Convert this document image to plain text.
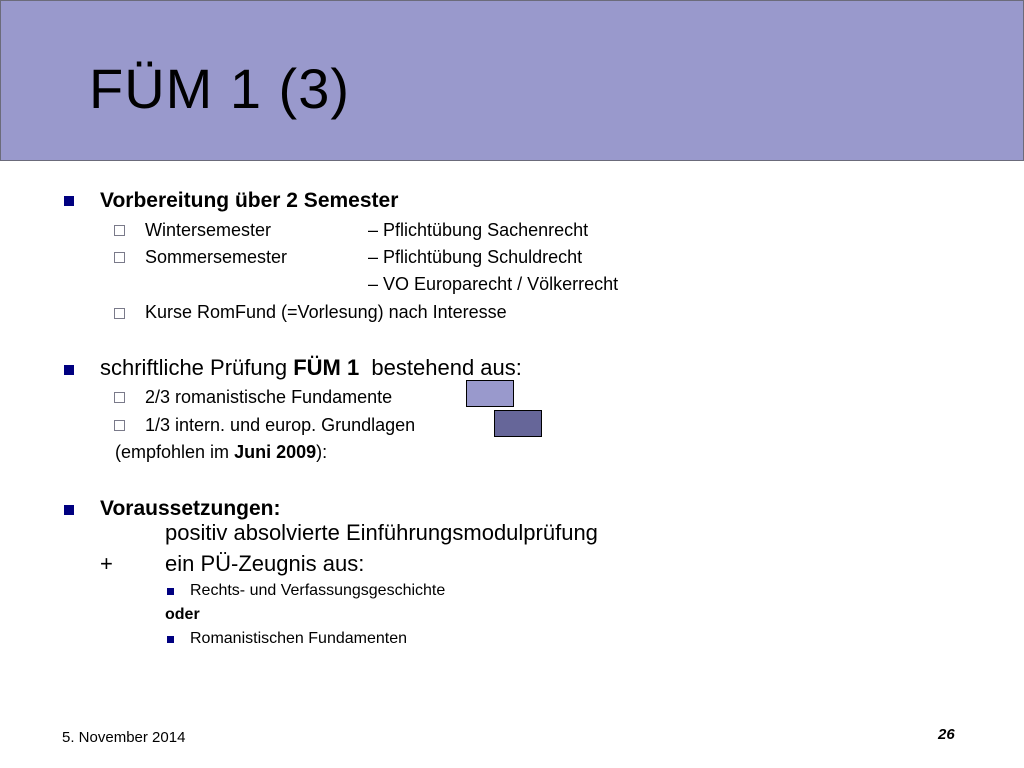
FÜM 1 (3)
Vorbereitung über 2 Semester
Wintersemester	– Pflichtübung Sachenrecht
Sommersemester	– Pflichtübung Schuldrecht
– VO Europarecht / Völkerrecht
Kurse RomFund (=Vorlesung) nach Interesse
schriftliche Prüfung FÜM 1  bestehend aus:
2/3 romanistische Fundamente
1/3 intern. und europ. Grundlagen
(empfohlen im Juni 2009):
Voraussetzungen:
positiv absolvierte Einführungsmodulprüfung
+ ein PÜ-Zeugnis aus:
Rechts- und Verfassungsgeschichte
oder
Romanistischen Fundamenten
5. November 2014	26
